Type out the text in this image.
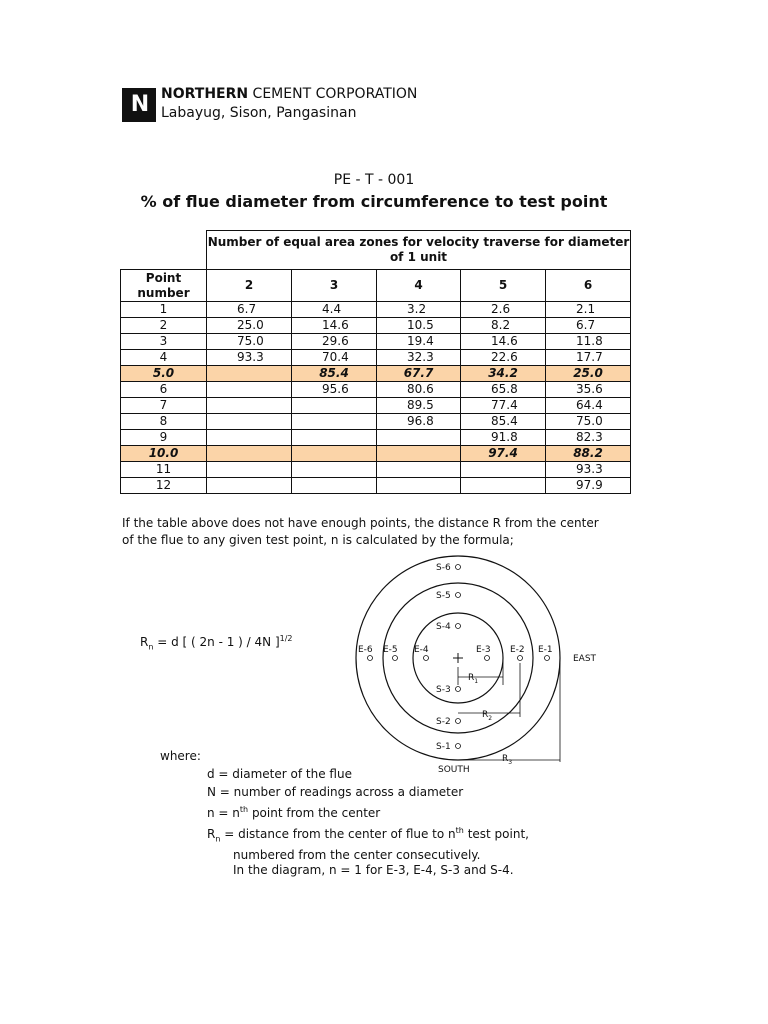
N NORTHERN CEMENT CORPORATION
Labayug, Sison, Pangasinan
PE - T - 001
% of flue diameter from circumference to test point
	Number of equal area zones for velocity traverse for diameter of 1 unit				
Point number	2	3	4	5	6
1	6.7	4.4	3.2	2.6	2.1
2	25.0	14.6	10.5	8.2	6.7
3	75.0	29.6	19.4	14.6	11.8
4	93.3	70.4	32.3	22.6	17.7
5.0		85.4	67.7	34.2	25.0
6		95.6	80.6	65.8	35.6
7			89.5	77.4	64.4
8			96.8	85.4	75.0
9				91.8	82.3
10.0				97.4	88.2
11					93.3
12					97.9
If the table above does not have enough points, the distance R from the center
of the flue to any given test point, n is calculated by the formula;
$R_n = d$ [ ( 2n - 1 ) / 4N ]$^{1/2}$
where:
d = diameter of the flue
N = number of readings across a diameter
$n = n^{th}$ point from the center
$R_n$ = distance from the center of flue to $n^{th}$ test point,
numbered from the center consecutively.
In the diagram, n = 1 for E-3, E-4, S-3 and S-4.
S-6
S-5
S-4
S-3
S-2
S-1
E-6 E-5 E-4	E-3 E-2 E-1
EAST
SOUTH
$R_1$
$R_2$
$R_3$
